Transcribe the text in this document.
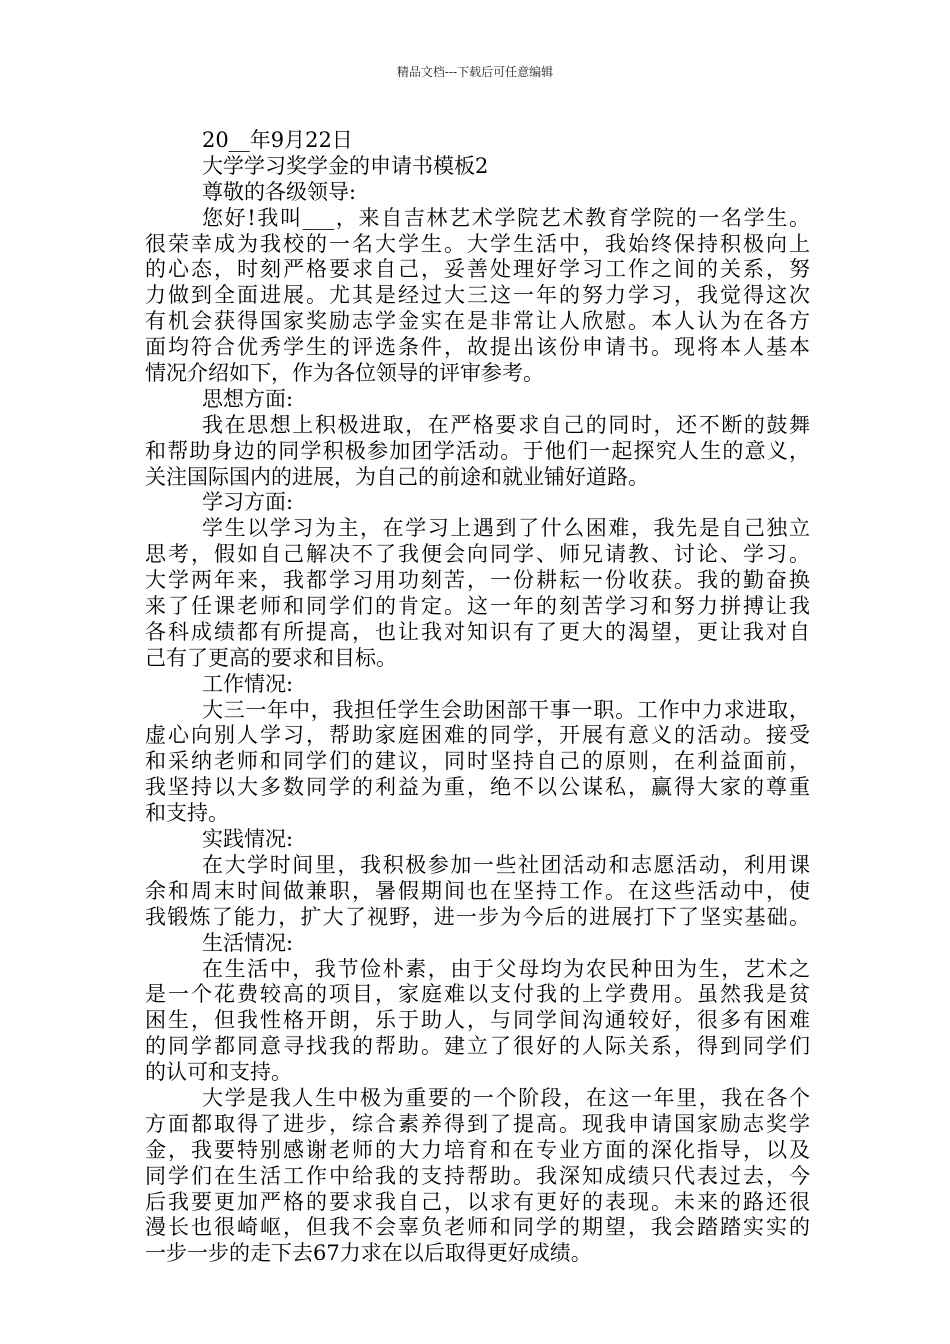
精品文档---下载后可任意编辑
20__年9月22日
大学学习奖学金的申请书模板2
尊敬的各级领导:
您好!我叫___，来自吉林艺术学院艺术教育学院的一名学生。
很荣幸成为我校的一名大学生。大学生活中，我始终保持积极向上
的心态，时刻严格要求自己，妥善处理好学习工作之间的关系，努
力做到全面进展。尤其是经过大三这一年的努力学习，我觉得这次
有机会获得国家奖励志学金实在是非常让人欣慰。本人认为在各方
面均符合优秀学生的评选条件，故提出该份申请书。现将本人基本
情况介绍如下，作为各位领导的评审参考。
思想方面:
我在思想上积极进取，在严格要求自己的同时，还不断的鼓舞
和帮助身边的同学积极参加团学活动。于他们一起探究人生的意义，
关注国际国内的进展，为自己的前途和就业铺好道路。
学习方面:
学生以学习为主，在学习上遇到了什么困难，我先是自己独立
思考，假如自己解决不了我便会向同学、师兄请教、讨论、学习。
大学两年来，我都学习用功刻苦，一份耕耘一份收获。我的勤奋换
来了任课老师和同学们的肯定。这一年的刻苦学习和努力拼搏让我
各科成绩都有所提高，也让我对知识有了更大的渴望，更让我对自
己有了更高的要求和目标。
工作情况:
大三一年中，我担任学生会助困部干事一职。工作中力求进取，
虚心向别人学习，帮助家庭困难的同学，开展有意义的活动。接受
和采纳老师和同学们的建议，同时坚持自己的原则，在利益面前，
我坚持以大多数同学的利益为重，绝不以公谋私，赢得大家的尊重
和支持。
实践情况:
在大学时间里，我积极参加一些社团活动和志愿活动，利用课
余和周末时间做兼职，暑假期间也在坚持工作。在这些活动中，使
我锻炼了能力，扩大了视野，进一步为今后的进展打下了坚实基础。
生活情况:
在生活中，我节俭朴素，由于父母均为农民种田为生，艺术之
是一个花费较高的项目，家庭难以支付我的上学费用。虽然我是贫
困生，但我性格开朗，乐于助人，与同学间沟通较好，很多有困难
的同学都同意寻找我的帮助。建立了很好的人际关系，得到同学们
的认可和支持。
大学是我人生中极为重要的一个阶段，在这一年里，我在各个
方面都取得了进步，综合素养得到了提高。现我申请国家励志奖学
金，我要特别感谢老师的大力培育和在专业方面的深化指导，以及
同学们在生活工作中给我的支持帮助。我深知成绩只代表过去，今
后我要更加严格的要求我自己，以求有更好的表现。未来的路还很
漫长也很崎岖，但我不会辜负老师和同学的期望，我会踏踏实实的
一步一步的走下去67力求在以后取得更好成绩。
